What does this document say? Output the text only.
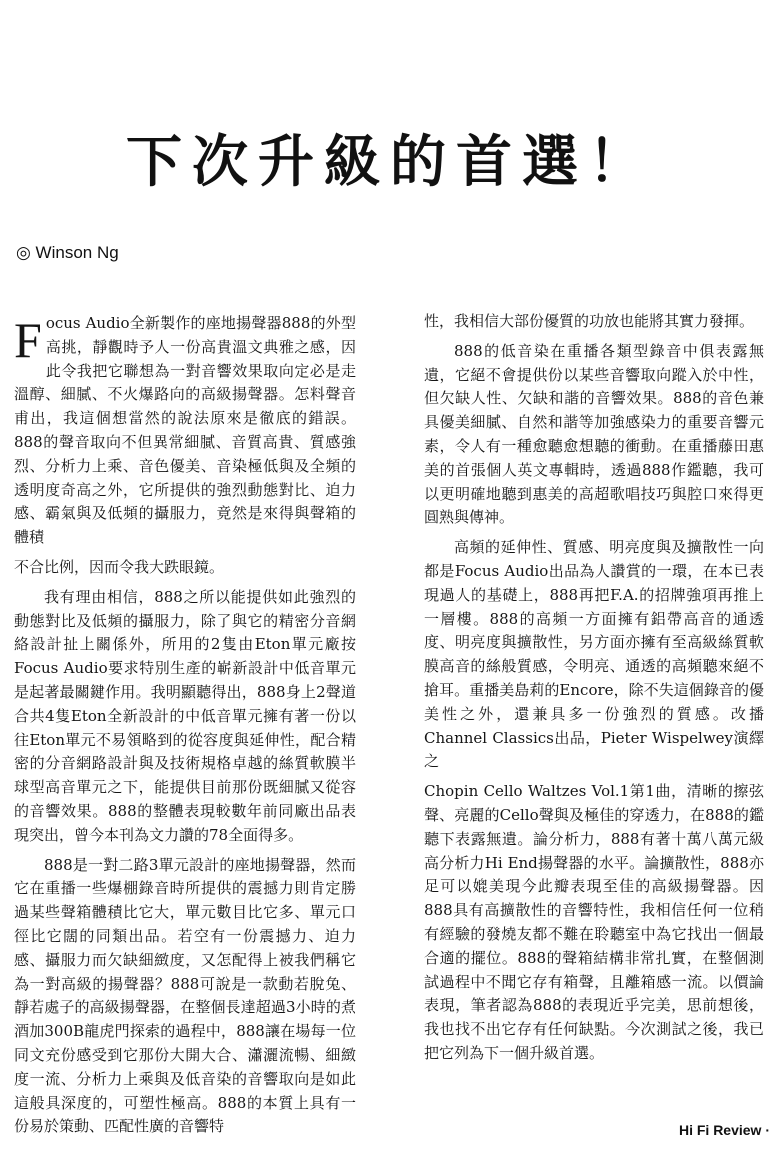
下次升級的首選！
◎ Winson Ng

Focus Audio全新製作的座地揚聲器888的外型高挑，靜觀時予人一份高貴溫文典雅之感，因此令我把它聯想為一對音響效果取向定必是走溫醇、細膩、不火爆路向的高級揚聲器。怎料聲音甫出，我這個想當然的說法原來是徹底的錯誤。888的聲音取向不但異常細膩、音質高貴、質感強烈、分析力上乘、音色優美、音染極低與及全頻的透明度奇高之外，它所提供的強烈動態對比、迫力感、霸氣與及低頻的攝服力，竟然是來得與聲箱的體積

不合比例，因而令我大跌眼鏡。

我有理由相信，888之所以能提供如此強烈的動態對比及低頻的攝服力，除了與它的精密分音網絡設計扯上關係外，所用的2隻由Eton單元廠按Focus Audio要求特別生產的嶄新設計中低音單元是起著最關鍵作用。我明顯聽得出，888身上2聲道合共4隻Eton全新設計的中低音單元擁有著一份以往Eton單元不易領略到的從容度與延伸性，配合精密的分音網路設計與及技術規格卓越的絲質軟膜半球型高音單元之下，能提供目前那份既細膩又從容的音響效果。888的整體表現較數年前同廠出品表現突出，曾今本刊為文力讚的78全面得多。

888是一對二路3單元設計的座地揚聲器，然而它在重播一些爆棚錄音時所提供的震撼力則肯定勝過某些聲箱體積比它大，單元數目比它多、單元口徑比它闊的同類出品。若空有一份震撼力、迫力感、攝服力而欠缺細緻度，又怎配得上被我們稱它為一對高級的揚聲器？888可說是一款動若脫兔、靜若處子的高級揚聲器，在整個長達超過3小時的煮酒加300B龍虎門探索的過程中，888讓在場每一位同文充份感受到它那份大開大合、瀟灑流暢、細緻度一流、分析力上乘與及低音染的音響取向是如此這般具深度的，可塑性極高。888的本質上具有一份易於策動、匹配性廣的音響特

性，我相信大部份優質的功放也能將其實力發揮。

888的低音染在重播各類型錄音中俱表露無遺，它絕不會提供份以某些音響取向蹤入於中性，但欠缺人性、欠缺和諧的音響效果。888的音色兼具優美細膩、自然和諧等加強感染力的重要音響元素，令人有一種愈聽愈想聽的衝動。在重播藤田惠美的首張個人英文專輯時，透過888作鑑聽，我可以更明確地聽到惠美的高超歌唱技巧與腔口來得更圓熟與傳神。

高頻的延伸性、質感、明亮度與及擴散性一向都是Focus Audio出品為人讚賞的一環，在本已表現過人的基礎上，888再把F.A.的招牌強項再推上一層樓。888的高頻一方面擁有鋁帶高音的通透度、明亮度與擴散性，另方面亦擁有至高級絲質軟膜高音的絲般質感，令明亮、通透的高頻聽來絕不搶耳。重播美島莉的Encore，除不失這個錄音的優美性之外，還兼具多一份強烈的質感。改播Channel Classics出品，Pieter Wispelwey演繹之

Chopin Cello Waltzes Vol.1第1曲，清晰的擦弦聲、亮麗的Cello聲與及極佳的穿透力，在888的鑑聽下表露無遺。論分析力，888有著十萬八萬元級高分析力Hi End揚聲器的水平。論擴散性，888亦足可以媲美現今此瓣表現至佳的高級揚聲器。因888具有高擴散性的音響特性，我相信任何一位稍有經驗的發燒友都不難在聆聽室中為它找出一個最合適的擺位。888的聲箱結構非常扎實，在整個測試過程中不聞它存有箱聲，且離箱感一流。以價論表現，筆者認為888的表現近乎完美，思前想後，我也找不出它存有任何缺點。今次測試之後，我已把它列為下一個升級首選。

Hi Fi Review ·
